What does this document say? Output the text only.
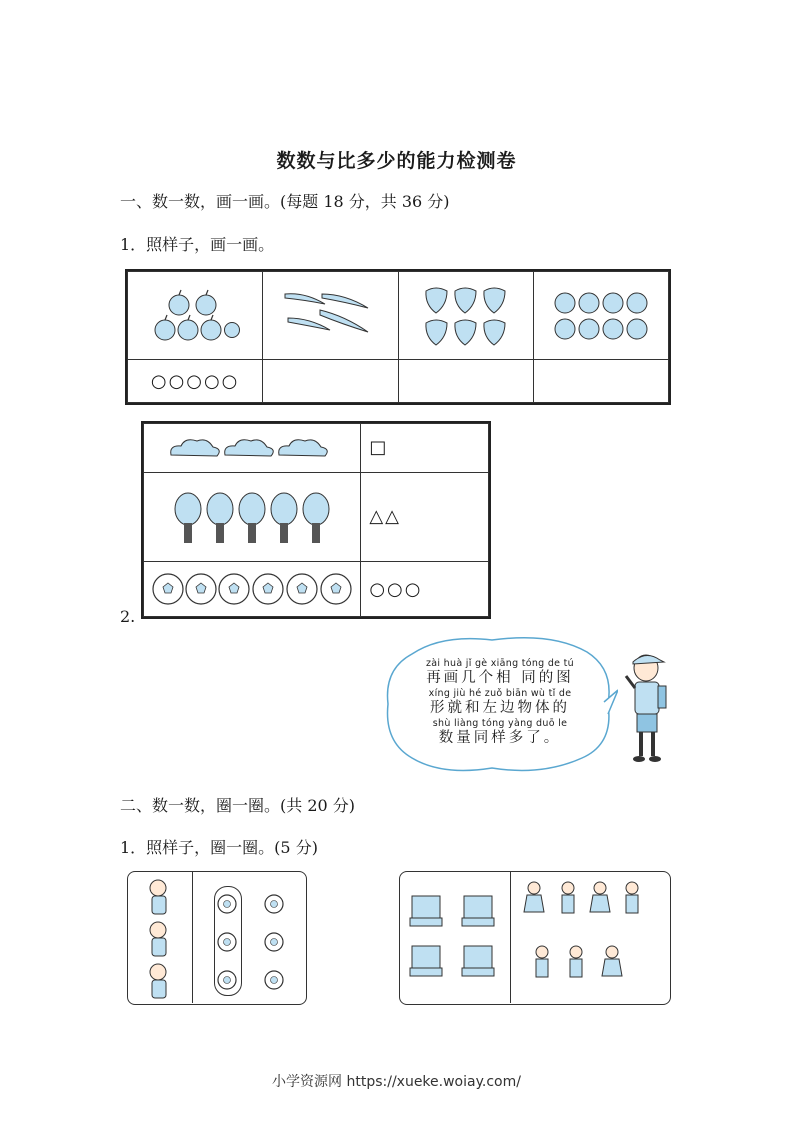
数数与比多少的能力检测卷
一、数一数，画一画。(每题 18 分，共 36 分)
1．照样子，画一画。

○○○○○			
2.
	□

	△△

	○○○
zài huà jǐ gè xiāng tóng de tú
再画几个相 同的图
xíng jiù hé zuǒ biān wù tǐ de
形就和左边物体的
shù liàng tóng yàng duō le
数量同样多了。
二、数一数，圈一圈。(共 20 分)
1．照样子，圈一圈。(5 分)
小学资源网 https://xueke.woiay.com/
